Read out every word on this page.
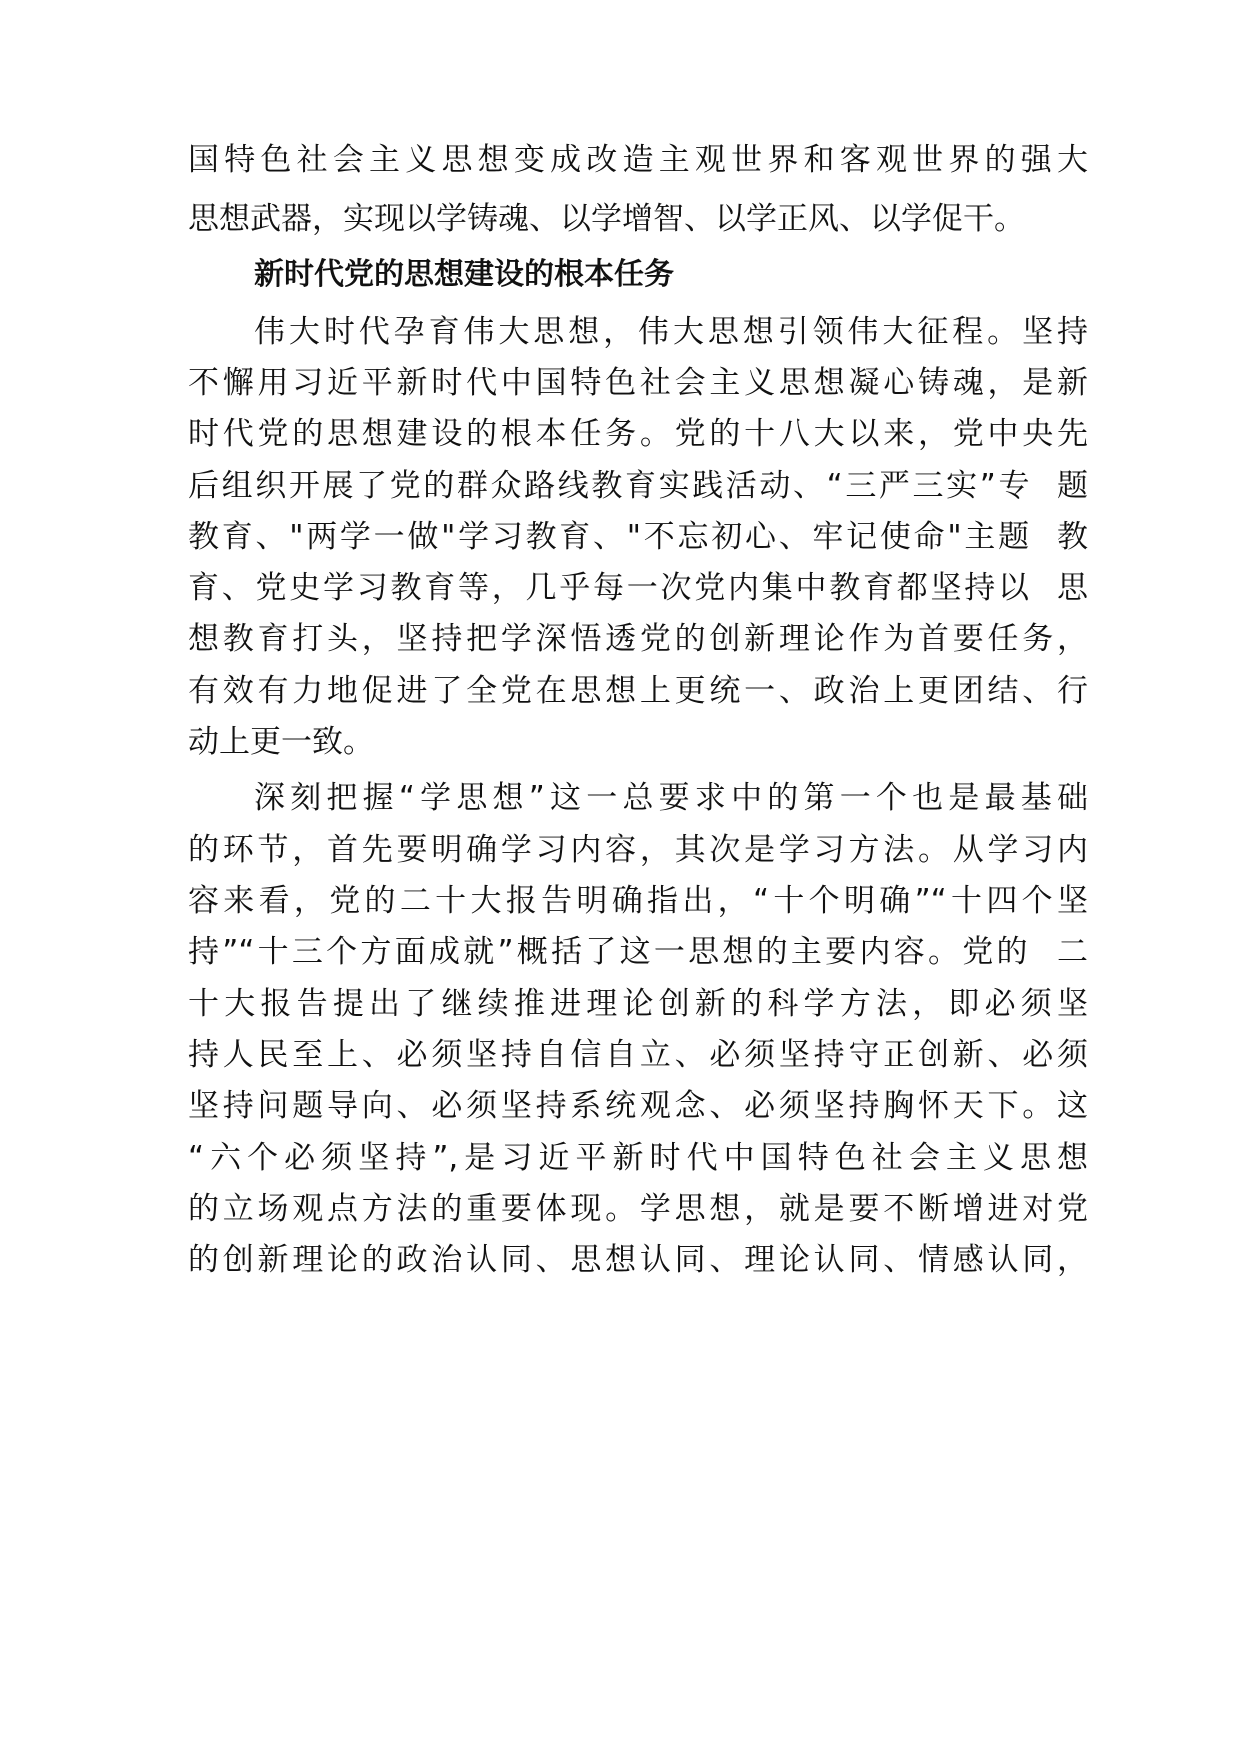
国特色社会主义思想变成改造主观世界和客观世界的强大
思想武器，实现以学铸魂、以学增智、以学正风、以学促干。
新时代党的思想建设的根本任务
伟大时代孕育伟大思想，伟大思想引领伟大征程。坚持
不懈用习近平新时代中国特色社会主义思想凝心铸魂，是新
时代党的思想建设的根本任务。党的十八大以来，党中央先
后组织开展了党的群众路线教育实践活动、“三严三实”专  题
教育、"两学一做"学习教育、"不忘初心、牢记使命"主题  教
育、党史学习教育等，几乎每一次党内集中教育都坚持以  思
想教育打头，坚持把学深悟透党的创新理论作为首要任务，
有效有力地促进了全党在思想上更统一、政治上更团结、行
动上更一致。
深刻把握“学思想”这一总要求中的第一个也是最基础
的环节，首先要明确学习内容，其次是学习方法。从学习内
容来看，党的二十大报告明确指出，“十个明确”“十四个坚
持”“十三个方面成就”概括了这一思想的主要内容。党的  二
十大报告提出了继续推进理论创新的科学方法，即必须坚
持人民至上、必须坚持自信自立、必须坚持守正创新、必须
坚持问题导向、必须坚持系统观念、必须坚持胸怀天下。这
“六个必须坚持”,是习近平新时代中国特色社会主义思想
的立场观点方法的重要体现。学思想，就是要不断增进对党
的创新理论的政治认同、思想认同、理论认同、情感认同，
